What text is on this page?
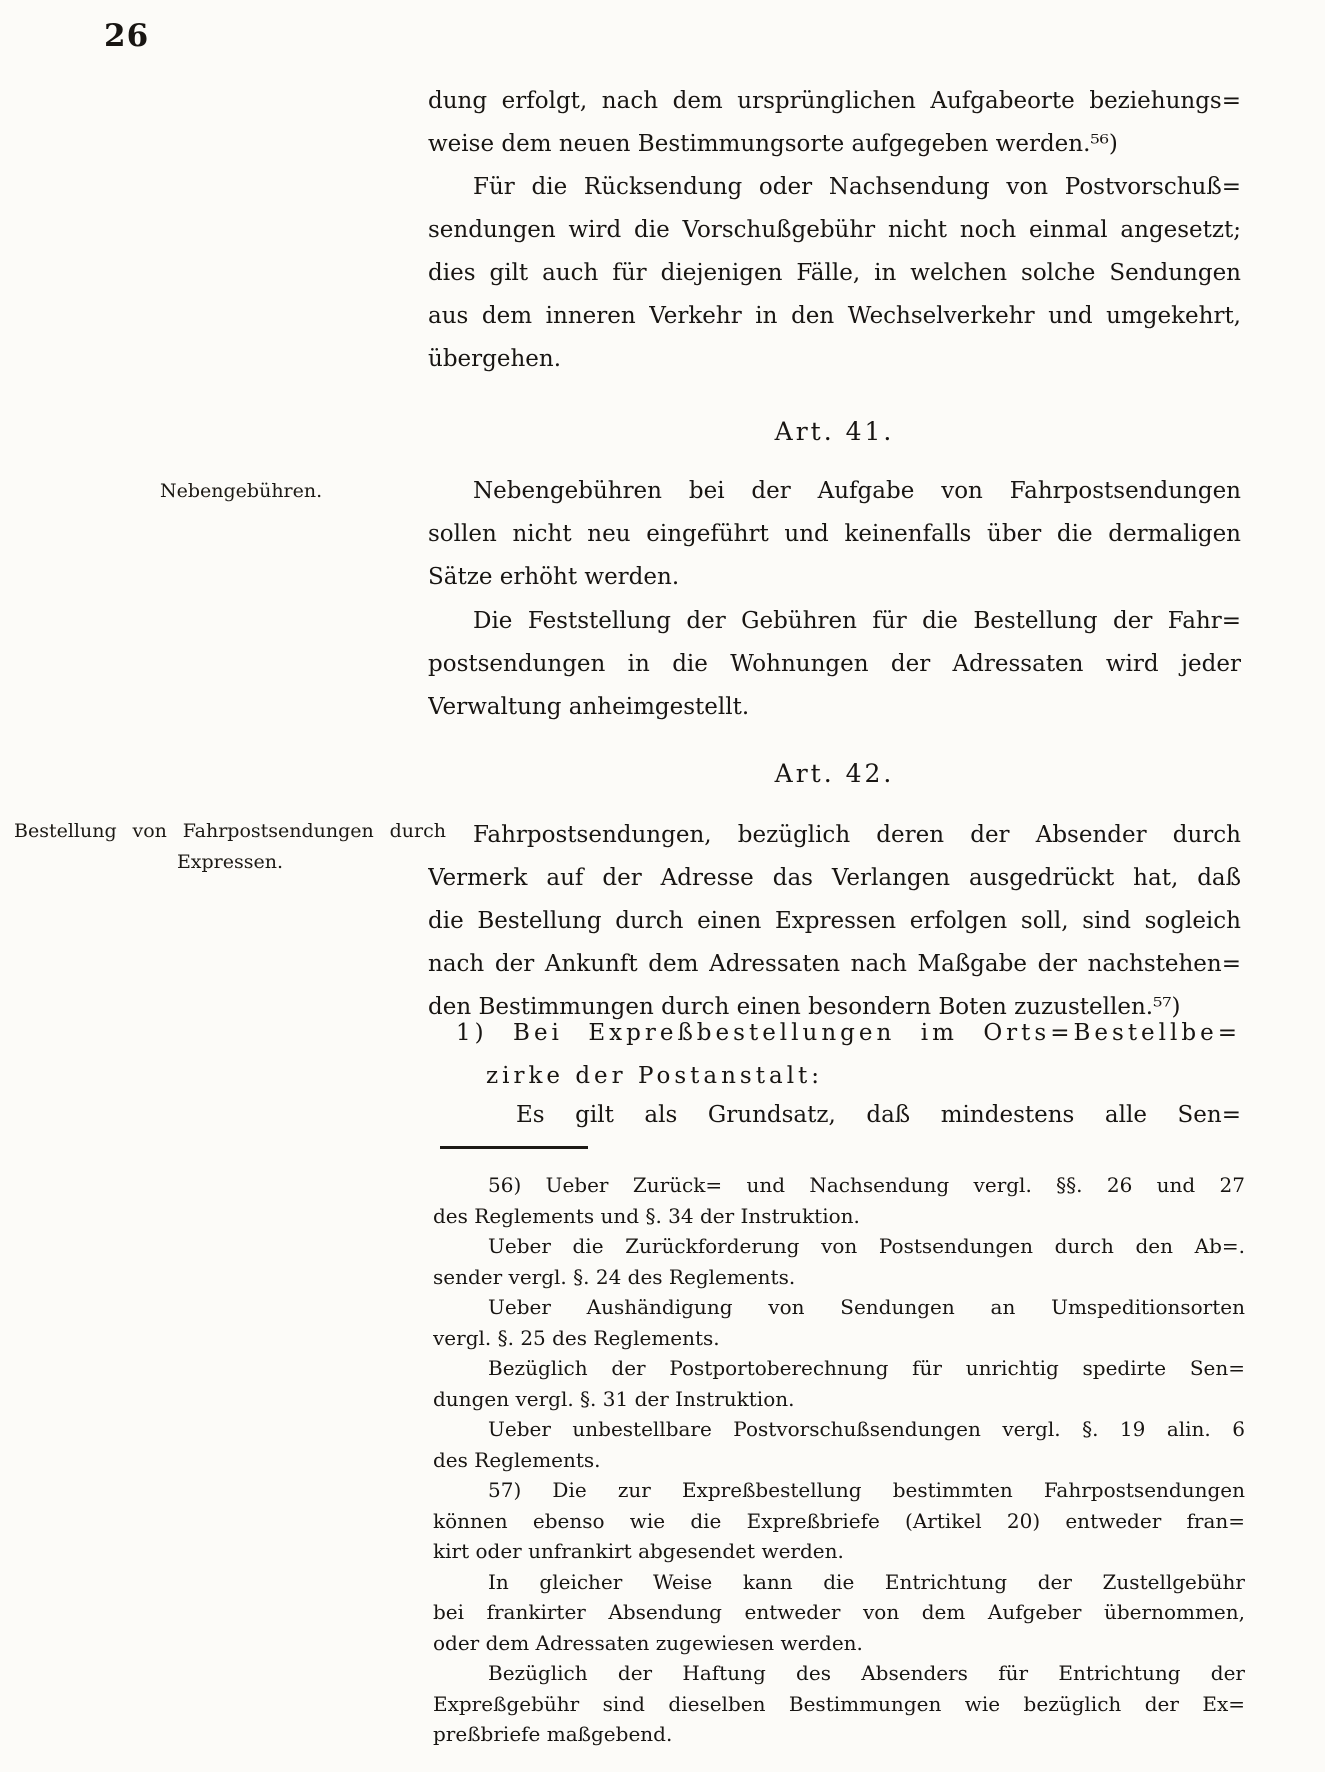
26
dung erfolgt, nach dem ursprünglichen Aufgabeorte beziehungs=
weise dem neuen Bestimmungsorte aufgegeben werden.⁵⁶)
Für die Rücksendung oder Nachsendung von Postvorschuß=
sendungen wird die Vorschußgebühr nicht noch einmal angesetzt;
dies gilt auch für diejenigen Fälle, in welchen solche Sendungen
aus dem inneren Verkehr in den Wechselverkehr und umgekehrt,
übergehen.
Art. 41.
Nebengebühren.	Nebengebühren bei der Aufgabe von Fahrpostsendungen
sollen nicht neu eingeführt und keinenfalls über die dermaligen
Sätze erhöht werden.
Die Feststellung der Gebühren für die Bestellung der Fahr=
postsendungen in die Wohnungen der Adressaten wird jeder
Verwaltung anheimgestellt.
Art. 42.
Bestellung von Fahrpostsendungen durch
Expressen.
Fahrpostsendungen, bezüglich deren der Absender durch
Vermerk auf der Adresse das Verlangen ausgedrückt hat, daß
die Bestellung durch einen Expressen erfolgen soll, sind sogleich
nach der Ankunft dem Adressaten nach Maßgabe der nachstehen=
den Bestimmungen durch einen besondern Boten zuzustellen.⁵⁷)
1) Bei Expreßbestellungen im Orts=Bestellbe=
zirke der Postanstalt:
Es gilt als Grundsatz, daß mindestens alle Sen=
56) Ueber Zurück= und Nachsendung vergl. §§. 26 und 27
des Reglements und §. 34 der Instruktion.
Ueber die Zurückforderung von Postsendungen durch den Ab=.
sender vergl. §. 24 des Reglements.
Ueber Aushändigung von Sendungen an Umspeditionsorten
vergl. §. 25 des Reglements.
Bezüglich der Postportoberechnung für unrichtig spedirte Sen=
dungen vergl. §. 31 der Instruktion.
Ueber unbestellbare Postvorschußsendungen vergl. §. 19 alin. 6
des Reglements.
57) Die zur Expreßbestellung bestimmten Fahrpostsendungen
können ebenso wie die Expreßbriefe (Artikel 20) entweder fran=
kirt oder unfrankirt abgesendet werden.
In gleicher Weise kann die Entrichtung der Zustellgebühr
bei frankirter Absendung entweder von dem Aufgeber übernommen,
oder dem Adressaten zugewiesen werden.
Bezüglich der Haftung des Absenders für Entrichtung der
Expreßgebühr sind dieselben Bestimmungen wie bezüglich der Ex=
preßbriefe maßgebend.
